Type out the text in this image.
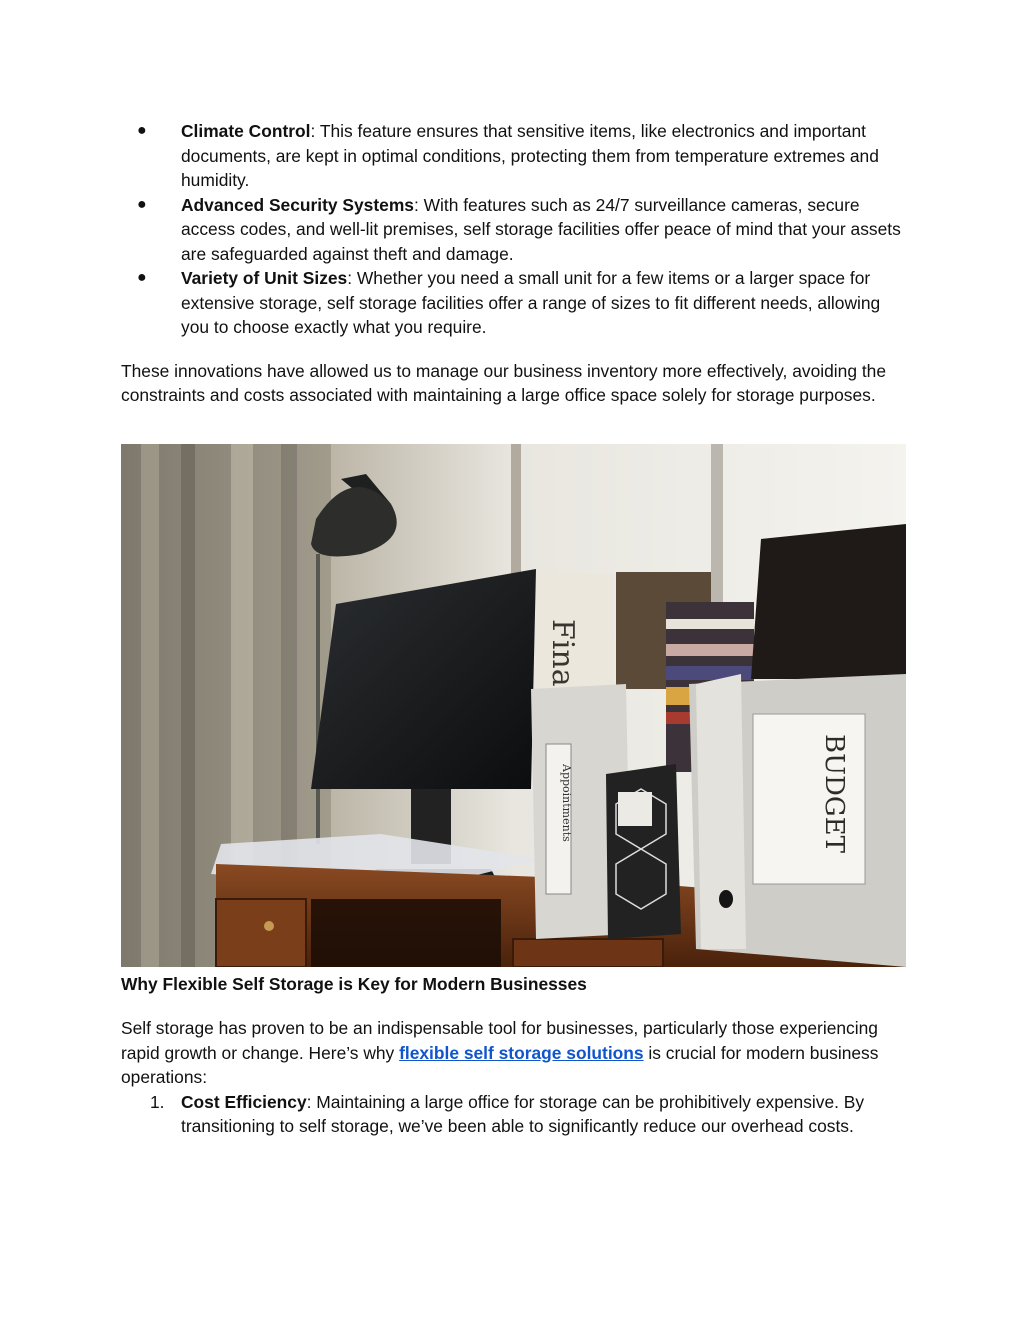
● Climate Control: This feature ensures that sensitive items, like electronics and important documents, are kept in optimal conditions, protecting them from temperature extremes and humidity.
● Advanced Security Systems: With features such as 24/7 surveillance cameras, secure access codes, and well-lit premises, self storage facilities offer peace of mind that your assets are safeguarded against theft and damage.
● Variety of Unit Sizes: Whether you need a small unit for a few items or a larger space for extensive storage, self storage facilities offer a range of sizes to fit different needs, allowing you to choose exactly what you require.

These innovations have allowed us to manage our business inventory more effectively, avoiding the constraints and costs associated with maintaining a large office space solely for storage purposes.

Fina
Appointments	BUDGET

Why Flexible Self Storage is Key for Modern Businesses

Self storage has proven to be an indispensable tool for businesses, particularly those experiencing rapid growth or change. Here’s why flexible self storage solutions is crucial for modern business operations:

1. Cost Efficiency: Maintaining a large office for storage can be prohibitively expensive. By transitioning to self storage, we’ve been able to significantly reduce our overhead costs.
